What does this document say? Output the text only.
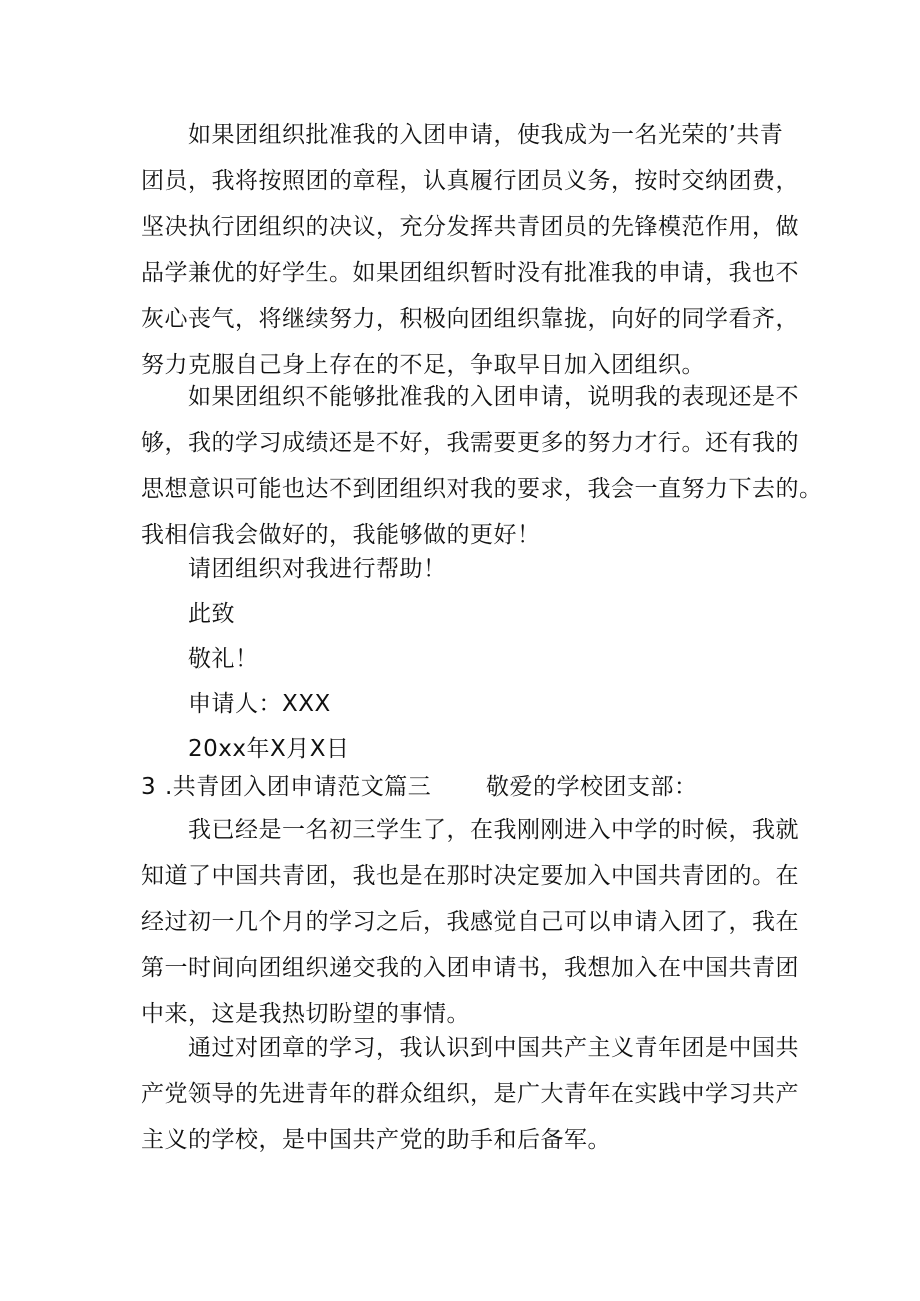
如果团组织批准我的入团申请，使我成为一名光荣的’共青
团员，我将按照团的章程，认真履行团员义务，按时交纳团费，
坚决执行团组织的决议，充分发挥共青团员的先锋模范作用，做
品学兼优的好学生。如果团组织暂时没有批准我的申请，我也不
灰心丧气，将继续努力，积极向团组织靠拢，向好的同学看齐，
努力克服自己身上存在的不足，争取早日加入团组织。
如果团组织不能够批准我的入团申请，说明我的表现还是不
够，我的学习成绩还是不好，我需要更多的努力才行。还有我的
思想意识可能也达不到团组织对我的要求，我会一直努力下去的。
我相信我会做好的，我能够做的更好！
请团组织对我进行帮助！
此致
敬礼！
申请人：XXX
20xx年X月X日
3 .共青团入团申请范文篇三 敬爱的学校团支部：
我已经是一名初三学生了，在我刚刚进入中学的时候，我就
知道了中国共青团，我也是在那时决定要加入中国共青团的。在
经过初一几个月的学习之后，我感觉自己可以申请入团了，我在
第一时间向团组织递交我的入团申请书，我想加入在中国共青团
中来，这是我热切盼望的事情。
通过对团章的学习，我认识到中国共产主义青年团是中国共
产党领导的先进青年的群众组织，是广大青年在实践中学习共产
主义的学校，是中国共产党的助手和后备军。
